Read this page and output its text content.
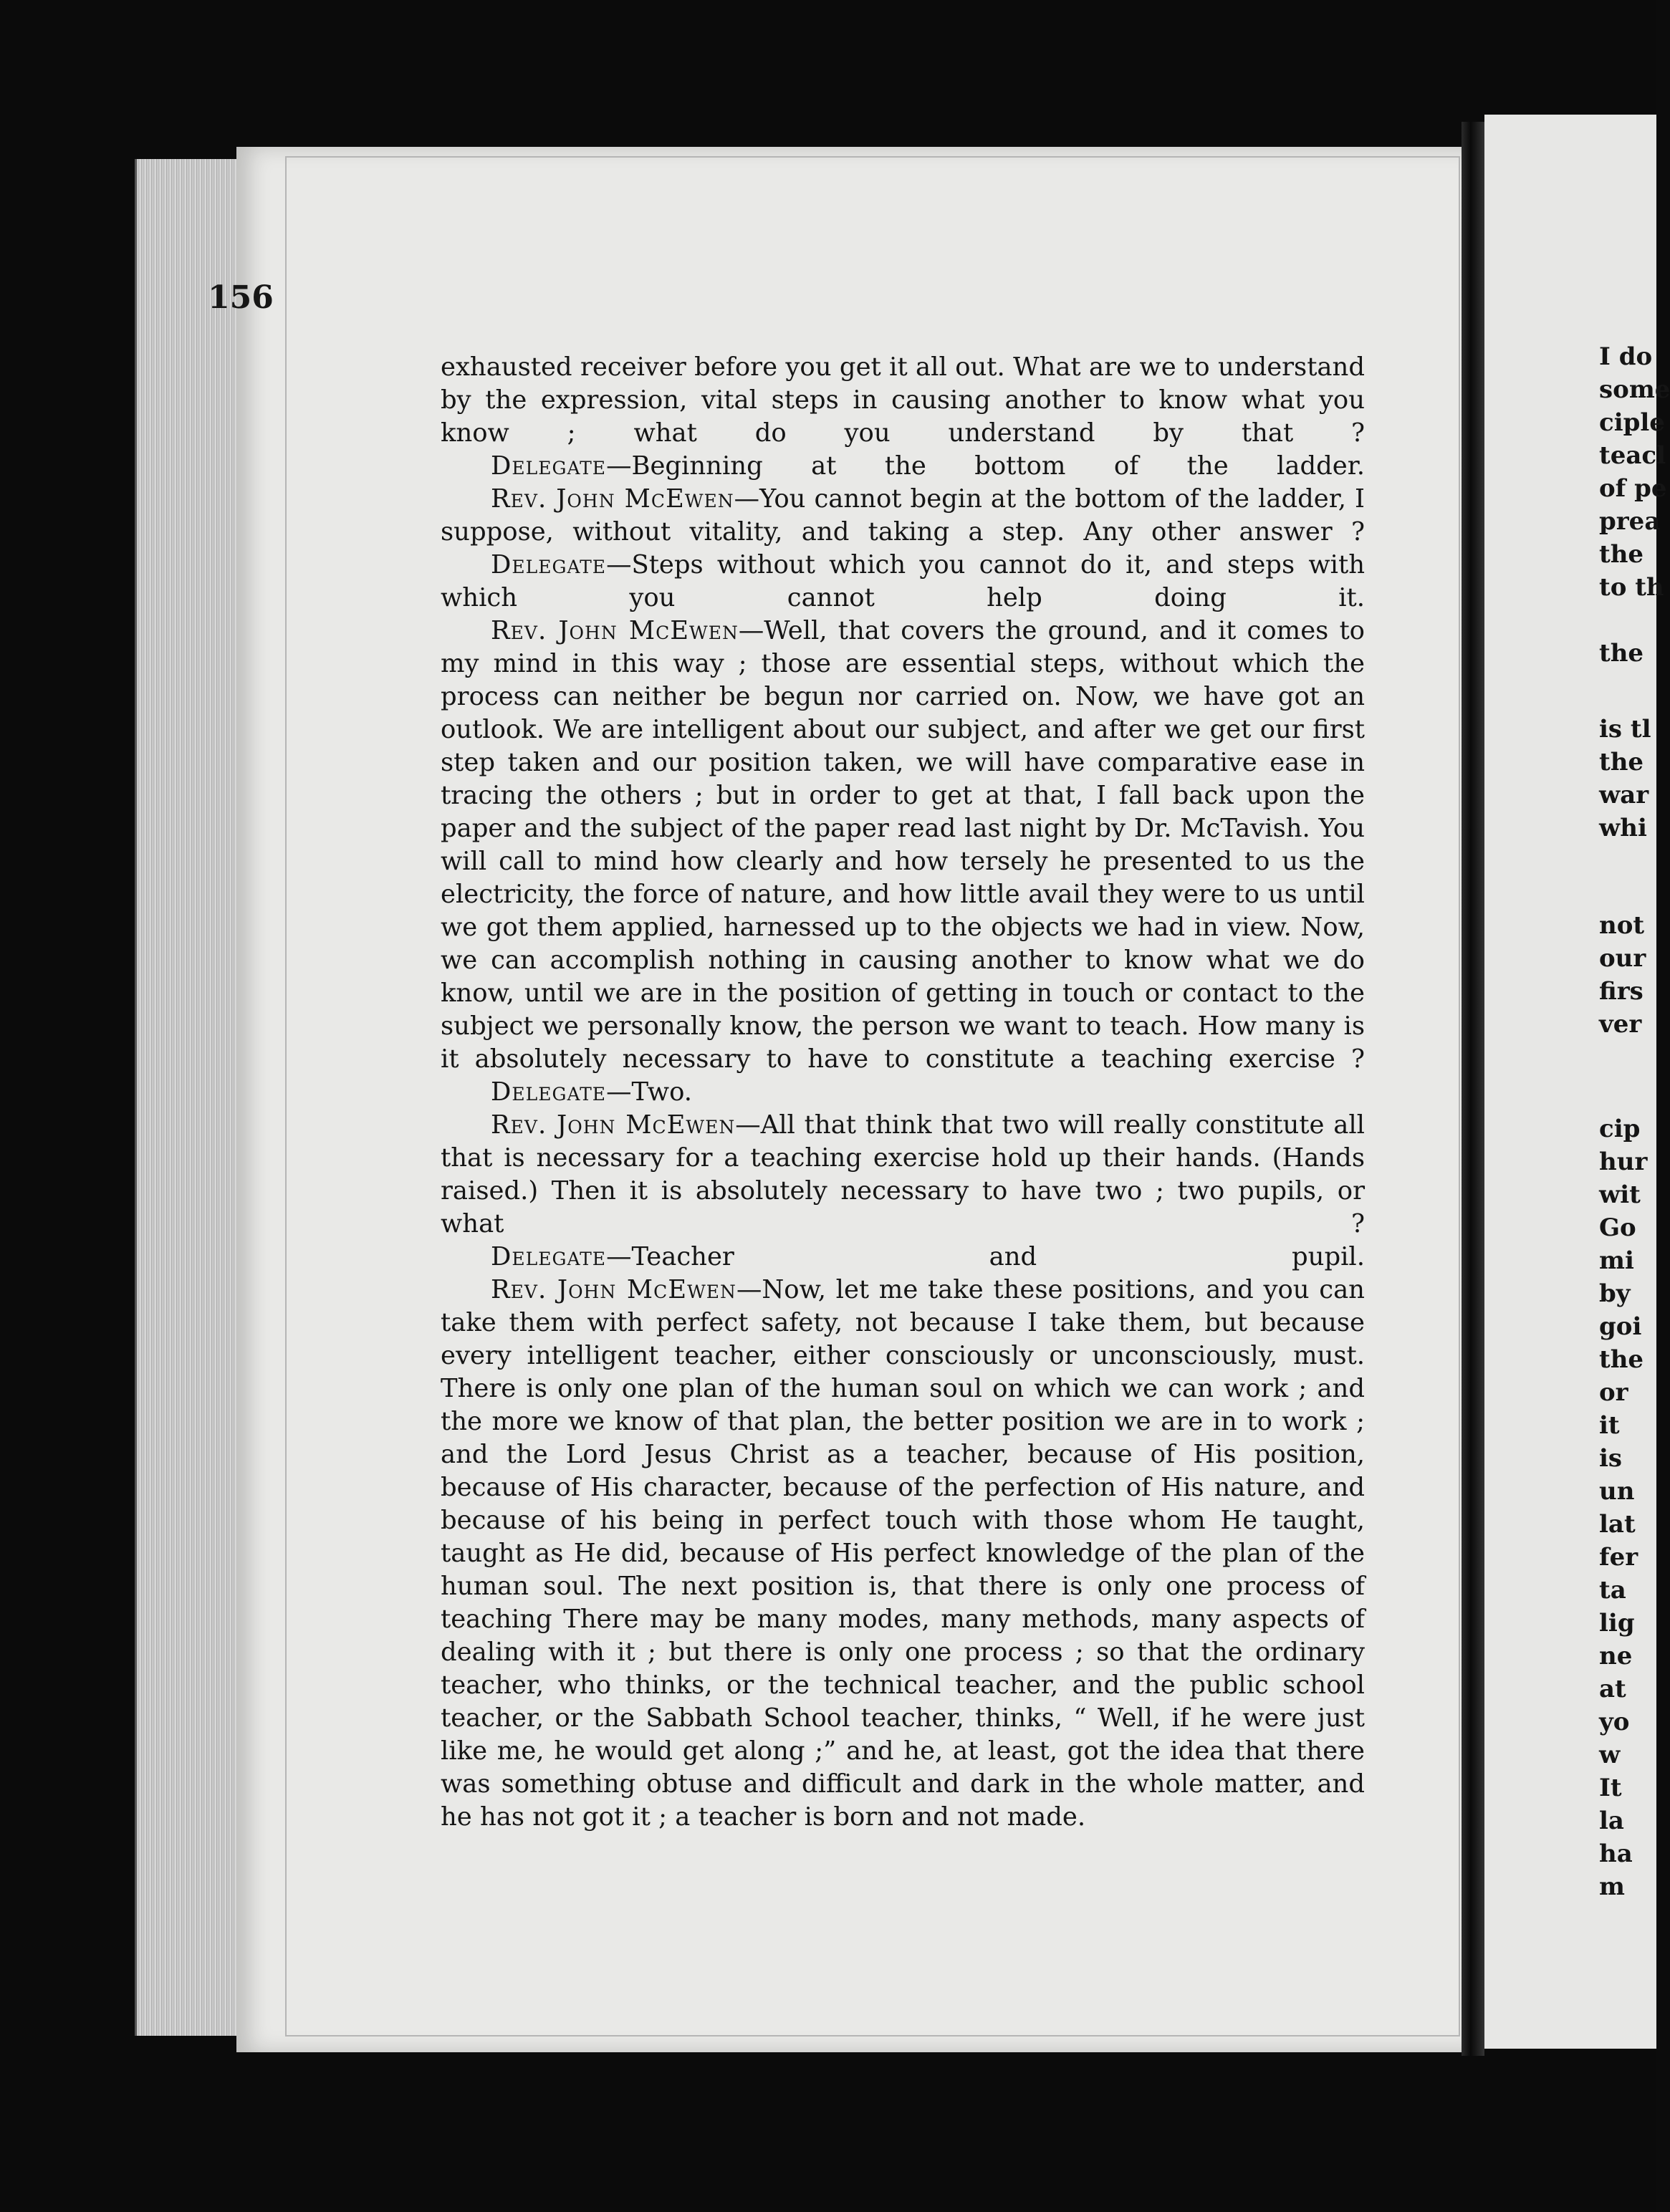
156

exhausted receiver before you get it all out. What are we to understand by the expression, vital steps in causing another to know what you know ; what do you understand by that ?

Delegate—Beginning at the bottom of the ladder.

Rev. John McEwen—You cannot begin at the bottom of the ladder, I suppose, without vitality, and taking a step. Any other answer ?

Delegate—Steps without which you cannot do it, and steps with which you cannot help doing it.

Rev. John McEwen—Well, that covers the ground, and it comes to my mind in this way ; those are essential steps, without which the process can neither be begun nor carried on. Now, we have got an outlook. We are intelligent about our subject, and after we get our first step taken and our position taken, we will have comparative ease in tracing the others ; but in order to get at that, I fall back upon the paper and the subject of the paper read last night by Dr. McTavish. You will call to mind how clearly and how tersely he presented to us the electricity, the force of nature, and how little avail they were to us until we got them applied, harnessed up to the objects we had in view. Now, we can accomplish nothing in causing another to know what we do know, until we are in the position of getting in touch or contact to the subject we personally know, the person we want to teach. How many is it absolutely necessary to have to constitute a teaching exercise ?

Delegate—Two.

Rev. John McEwen—All that think that two will really constitute all that is necessary for a teaching exercise hold up their hands. (Hands raised.) Then it is absolutely necessary to have two ; two pupils, or what ?

Delegate—Teacher and pupil.

Rev. John McEwen—Now, let me take these positions, and you can take them with perfect safety, not because I take them, but because every intelligent teacher, either consciously or unconsciously, must. There is only one plan of the human soul on which we can work ; and the more we know of that plan, the better position we are in to work ; and the Lord Jesus Christ as a teacher, because of His position, because of His character, because of the perfection of His nature, and because of his being in perfect touch with those whom He taught, taught as He did, because of His perfect knowledge of the plan of the human soul. The next position is, that there is only one process of teaching There may be many modes, many methods, many aspects of dealing with it ; but there is only one process ; so that the ordinary teacher, who thinks, or the technical teacher, and the public school teacher, or the Sabbath School teacher, thinks, “ Well, if he were just like me, he would get along ;” and he, at least, got the idea that there was something obtuse and difficult and dark in the whole matter, and he has not got it ; a teacher is born and not made.

I do
some
ciple
teacl
of pe
prea
the
to th
the
is tl
the
war
whi
not
our
firs
ver
cip
hur
wit
Go
mi
by
goi
the
or
it
is
un
lat
fer
ta
lig
ne
at
yo
w
It
la
ha
m
